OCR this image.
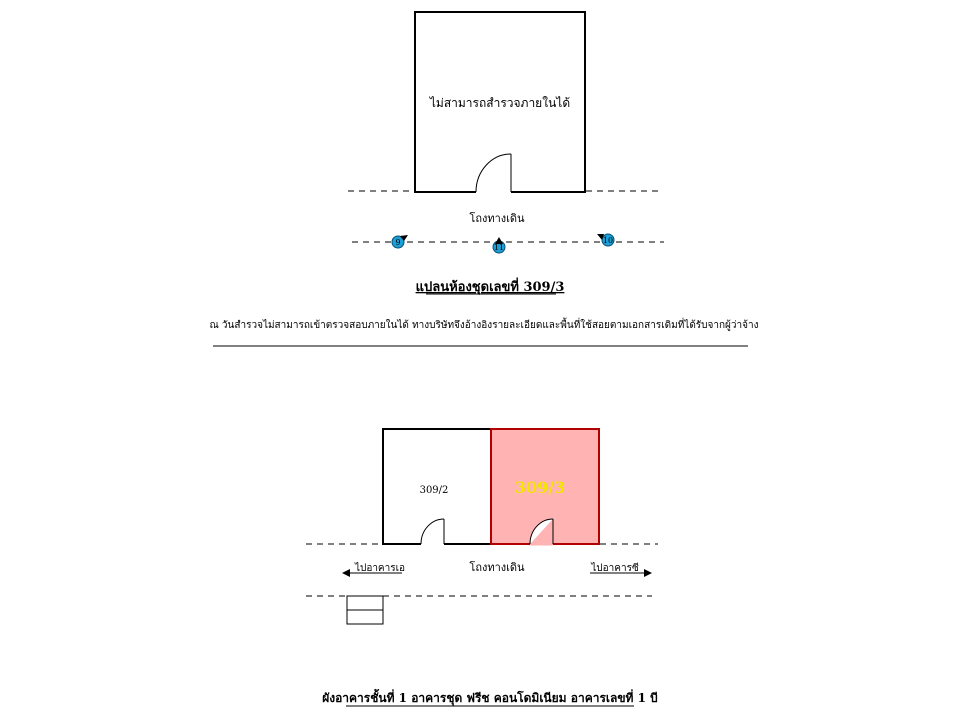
ไม่สามารถสำรวจภายในได้
โถงทางเดิน
9
11
10
แปลนห้องชุดเลขที่ 309/3
ณ วันสำรวจไม่สามารถเข้าตรวจสอบภายในได้ ทางบริษัทจึงอ้างอิงรายละเอียดและพื้นที่ใช้สอยตามเอกสารเดิมที่ได้รับจากผู้ว่าจ้าง
309/2	309/3
ไปอาคารเอ	โถงทางเดิน	ไปอาคารซี
ผังอาคารชั้นที่ 1 อาคารชุด ฟรีช คอนโดมิเนียม อาคารเลขที่ 1 บี
